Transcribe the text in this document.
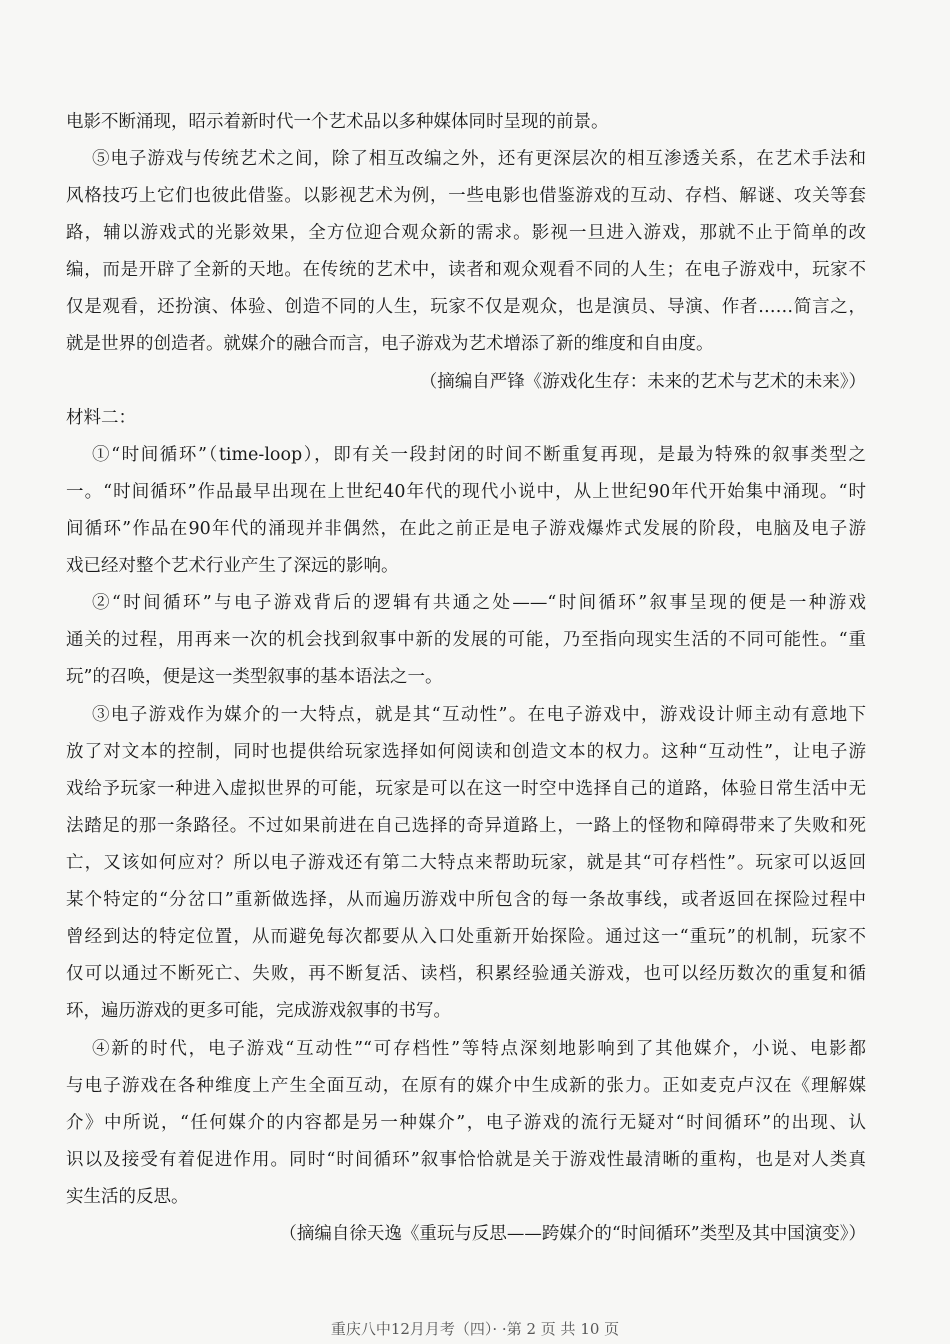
电影不断涌现，昭示着新时代一个艺术品以多种媒体同时呈现的前景。
⑤电子游戏与传统艺术之间，除了相互改编之外，还有更深层次的相互渗透关系，在艺术手法和
风格技巧上它们也彼此借鉴。以影视艺术为例，一些电影也借鉴游戏的互动、存档、解谜、攻关等套
路，辅以游戏式的光影效果，全方位迎合观众新的需求。影视一旦进入游戏，那就不止于简单的改
编，而是开辟了全新的天地。在传统的艺术中，读者和观众观看不同的人生；在电子游戏中，玩家不
仅是观看，还扮演、体验、创造不同的人生，玩家不仅是观众，也是演员、导演、作者……简言之，
就是世界的创造者。就媒介的融合而言，电子游戏为艺术增添了新的维度和自由度。
（摘编自严锋《游戏化生存：未来的艺术与艺术的未来》）
材料二：
①“时间循环”（time-loop），即有关一段封闭的时间不断重复再现，是最为特殊的叙事类型之
一。“时间循环”作品最早出现在上世纪40年代的现代小说中，从上世纪90年代开始集中涌现。“时
间循环”作品在90年代的涌现并非偶然，在此之前正是电子游戏爆炸式发展的阶段，电脑及电子游
戏已经对整个艺术行业产生了深远的影响。
②“时间循环”与电子游戏背后的逻辑有共通之处——“时间循环”叙事呈现的便是一种游戏
通关的过程，用再来一次的机会找到叙事中新的发展的可能，乃至指向现实生活的不同可能性。“重
玩”的召唤，便是这一类型叙事的基本语法之一。
③电子游戏作为媒介的一大特点，就是其“互动性”。在电子游戏中，游戏设计师主动有意地下
放了对文本的控制，同时也提供给玩家选择如何阅读和创造文本的权力。这种“互动性”，让电子游
戏给予玩家一种进入虚拟世界的可能，玩家是可以在这一时空中选择自己的道路，体验日常生活中无
法踏足的那一条路径。不过如果前进在自己选择的奇异道路上，一路上的怪物和障碍带来了失败和死
亡，又该如何应对？所以电子游戏还有第二大特点来帮助玩家，就是其“可存档性”。玩家可以返回
某个特定的“分岔口”重新做选择，从而遍历游戏中所包含的每一条故事线，或者返回在探险过程中
曾经到达的特定位置，从而避免每次都要从入口处重新开始探险。通过这一“重玩”的机制，玩家不
仅可以通过不断死亡、失败，再不断复活、读档，积累经验通关游戏，也可以经历数次的重复和循
环，遍历游戏的更多可能，完成游戏叙事的书写。
④新的时代，电子游戏“互动性”“可存档性”等特点深刻地影响到了其他媒介，小说、电影都
与电子游戏在各种维度上产生全面互动，在原有的媒介中生成新的张力。正如麦克卢汉在《理解媒
介》中所说，“任何媒介的内容都是另一种媒介”，电子游戏的流行无疑对“时间循环”的出现、认
识以及接受有着促进作用。同时“时间循环”叙事恰恰就是关于游戏性最清晰的重构，也是对人类真
实生活的反思。
（摘编自徐天逸《重玩与反思——跨媒介的“时间循环”类型及其中国演变》）
重庆八中12月月考（四）· ·第 2 页 共 10 页
